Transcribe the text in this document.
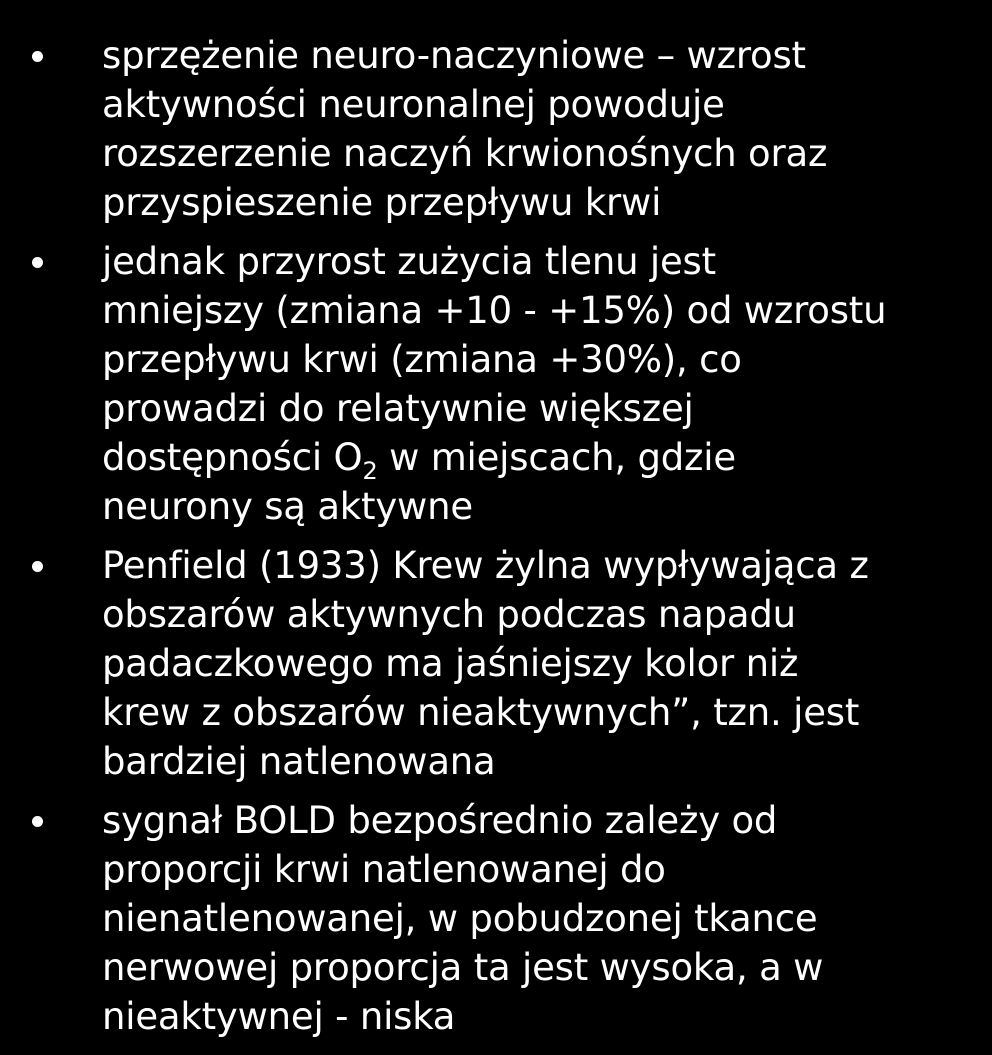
sprzężenie neuro-naczyniowe – wzrost
aktywności neuronalnej powoduje
rozszerzenie naczyń krwionośnych oraz
przyspieszenie przepływu krwi
jednak przyrost zużycia tlenu jest
mniejszy (zmiana +10 - +15%) od wzrostu
przepływu krwi (zmiana +30%), co
prowadzi do relatywnie większej
dostępności $O_2$ w miejscach, gdzie
neurony są aktywne
Penfield (1933) Krew żylna wypływająca z
obszarów aktywnych podczas napadu
padaczkowego ma jaśniejszy kolor niż
krew z obszarów nieaktywnych”, tzn. jest
bardziej natlenowana
sygnał BOLD bezpośrednio zależy od
proporcji krwi natlenowanej do
nienatlenowanej, w pobudzonej tkance
nerwowej proporcja ta jest wysoka, a w
nieaktywnej - niska
